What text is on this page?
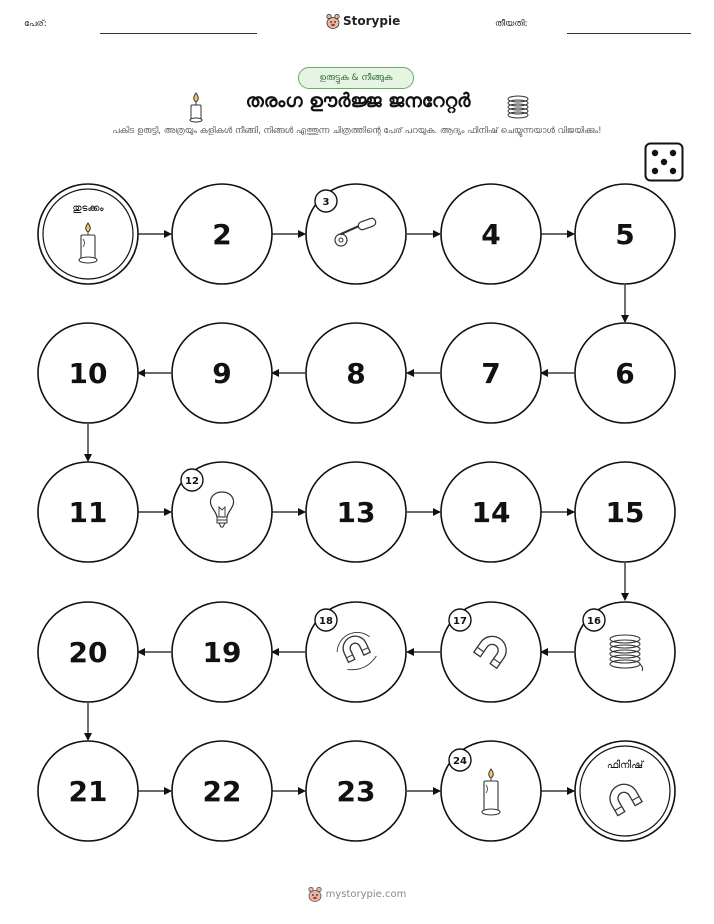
പേര്:	Storypie	തീയതി:
ഉരുട്ടുക & നീങ്ങുക
തരംഗ ഊർജ്ജ ജനറേറ്റർ
പകിട ഉരുട്ടി, അത്രയും കളികൾ നീങ്ങി, നിങ്ങൾ എത്തുന്ന ചിത്രത്തിന്റെ പേര് പറയുക. ആദ്യം ഫിനിഷ് ചെയ്യുന്നയാൾ വിജയിക്കും!
തുടക്കം
2
3
4	5
6
7
8
9
10
11
12
13	14	15
16
17
18
19
20
21	22	23
24	ഫിനിഷ്
mystorypie.com
